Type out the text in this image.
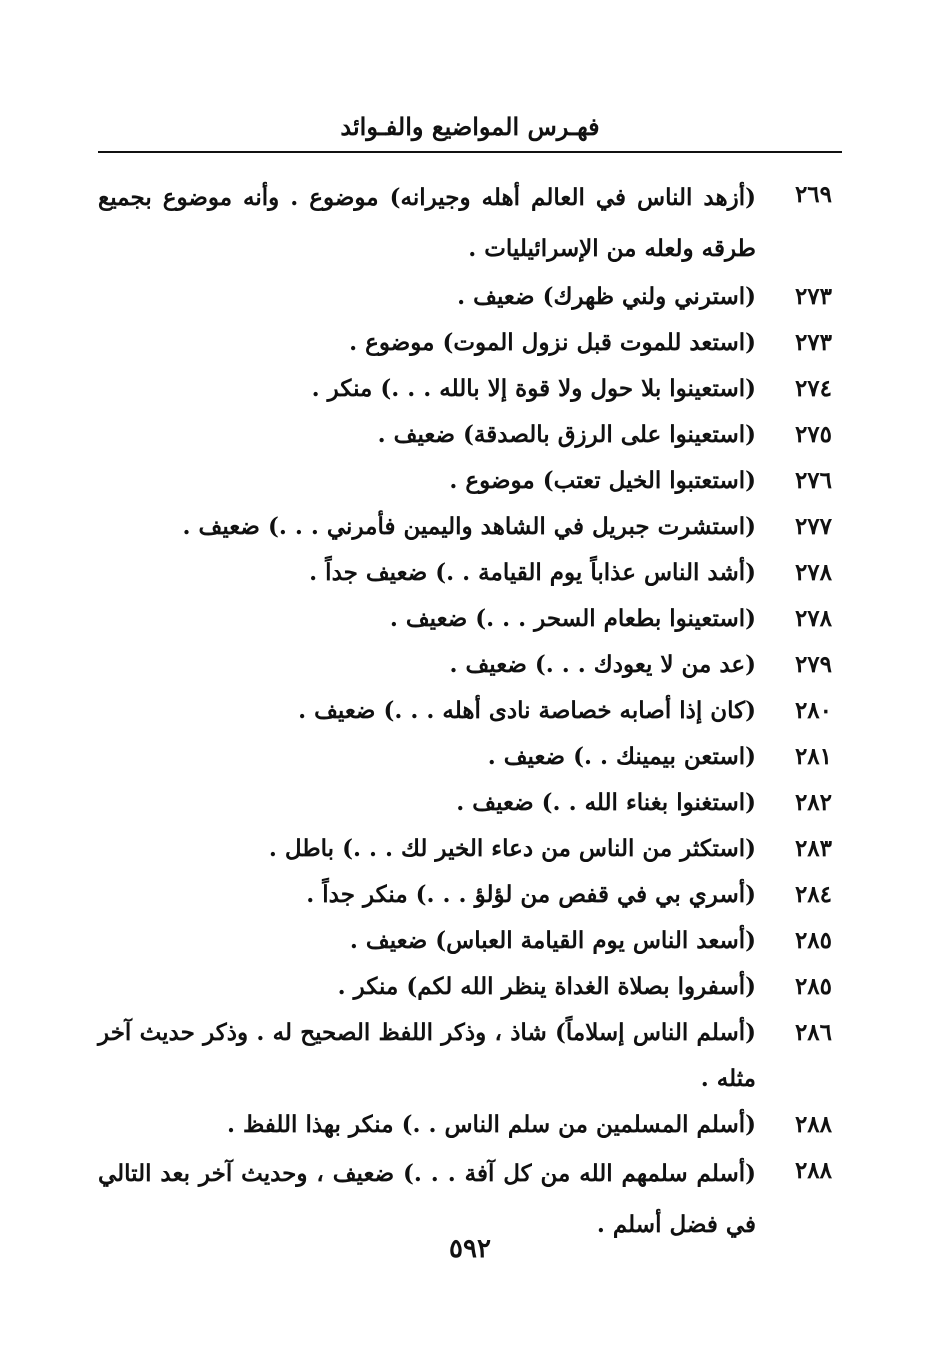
فهـرس المواضيع والفـوائد
٢٦٩
(أزهد الناس في العالم أهله وجيرانه) موضوع . وأنه موضوع بجميع طرقه ولعله من الإسرائيليات .
٢٧٣
(استرني ولني ظهرك) ضعيف .
٢٧٣
(استعد للموت قبل نزول الموت) موضوع .
٢٧٤
(استعينوا بلا حول ولا قوة إلا بالله . . .) منكر .
٢٧٥
(استعينوا على الرزق بالصدقة) ضعيف .
٢٧٦
(استعتبوا الخيل تعتب) موضوع .
٢٧٧
(استشرت جبريل في الشاهد واليمين فأمرني . . .) ضعيف .
٢٧٨
(أشد الناس عذاباً يوم القيامة . .) ضعيف جداً .
٢٧٨
(استعينوا بطعام السحر . . .) ضعيف .
٢٧٩
(عد من لا يعودك . . .) ضعيف .
٢٨٠
(كان إذا أصابه خصاصة نادى أهله . . .) ضعيف .
٢٨١
(استعن بيمينك . .) ضعيف .
٢٨٢
(استغنوا بغناء الله . .) ضعيف .
٢٨٣
(استكثر من الناس من دعاء الخير لك . . .) باطل .
٢٨٤
(أسري بي في قفص من لؤلؤ . . .) منكر جداً .
٢٨٥
(أسعد الناس يوم القيامة العباس) ضعيف .
٢٨٥
(أسفروا بصلاة الغداة ينظر الله لكم) منكر .
٢٨٦
(أسلم الناس إسلاماً) شاذ ، وذكر اللفظ الصحيح له . وذكر حديث آخر مثله .
٢٨٨
(أسلم المسلمين من سلم الناس . .) منكر بهذا اللفظ .
٢٨٨
(أسلم سلمهم الله من كل آفة . . .) ضعيف ، وحديث آخر بعد التالي في فضل أسلم .
٥٩٢
